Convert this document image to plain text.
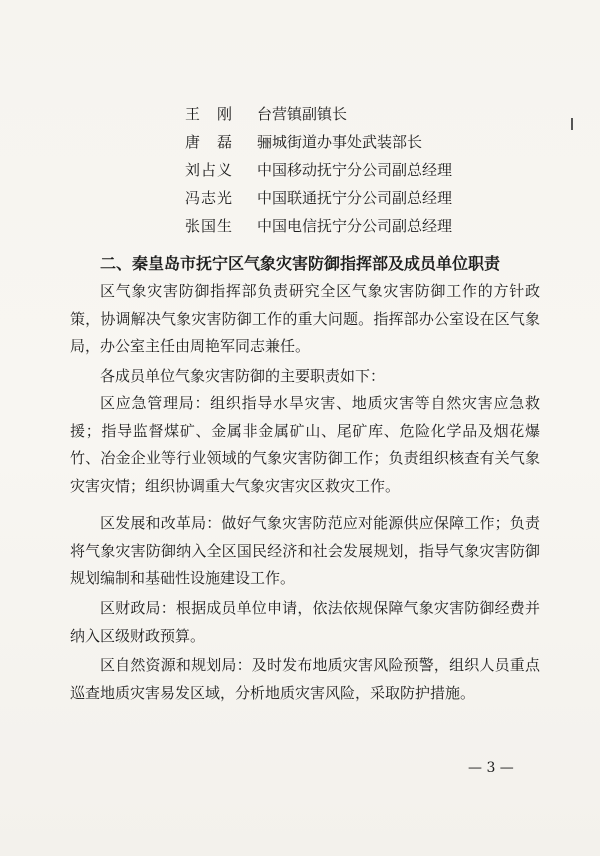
王　刚 台营镇副镇长
唐　磊 骊城街道办事处武装部长
刘占义 中国移动抚宁分公司副总经理
冯志光 中国联通抚宁分公司副总经理
张国生 中国电信抚宁分公司副总经理
二、秦皇岛市抚宁区气象灾害防御指挥部及成员单位职责

区气象灾害防御指挥部负责研究全区气象灾害防御工作的方针政策，协调解决气象灾害防御工作的重大问题。指挥部办公室设在区气象局，办公室主任由周艳军同志兼任。

各成员单位气象灾害防御的主要职责如下：

区应急管理局：组织指导水旱灾害、地质灾害等自然灾害应急救援；指导监督煤矿、金属非金属矿山、尾矿库、危险化学品及烟花爆竹、冶金企业等行业领域的气象灾害防御工作；负责组织核查有关气象灾害灾情；组织协调重大气象灾害灾区救灾工作。

区发展和改革局：做好气象灾害防范应对能源供应保障工作；负责将气象灾害防御纳入全区国民经济和社会发展规划，指导气象灾害防御规划编制和基础性设施建设工作。

区财政局：根据成员单位申请，依法依规保障气象灾害防御经费并纳入区级财政预算。

区自然资源和规划局：及时发布地质灾害风险预警，组织人员重点巡查地质灾害易发区域，分析地质灾害风险，采取防护措施。

— 3 —
